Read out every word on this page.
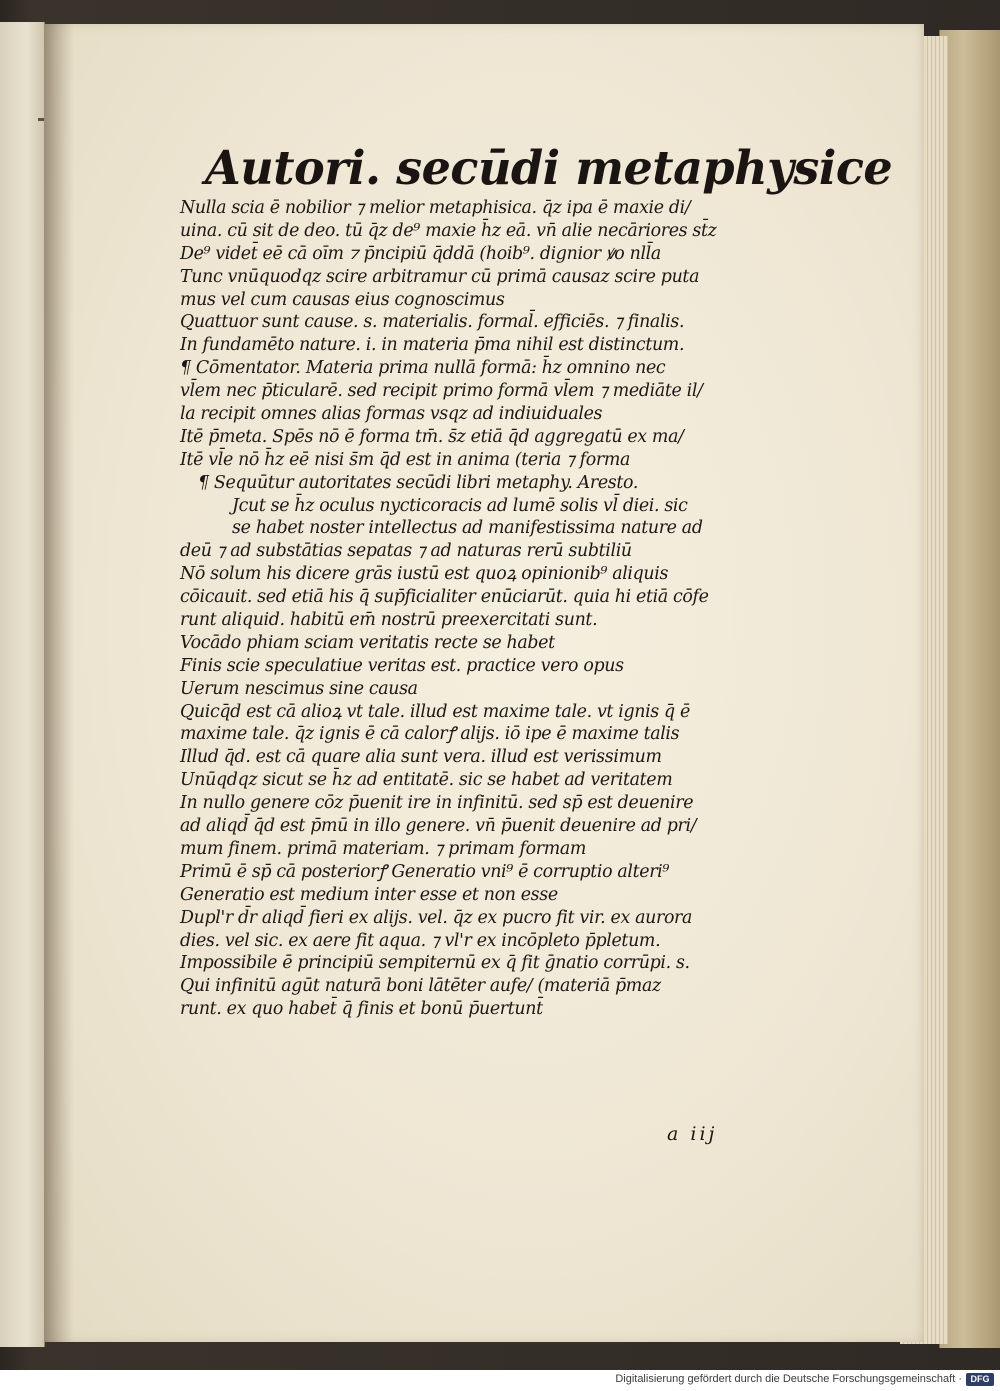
Autori. secūdi metaphysice
Nulla scia ē nobilior ⁊ melior metaphisica. q̄z ipa ē maxie di/
uina. cū sit de deo. tū q̄z de⁹ maxie h̄z eā. vn̄ alie necāriores st̄z
De⁹ videt̄ eē cā oīm ⁊ p̄ncipiū q̄ddā (hoib⁹. dignior ꝟo nll̄a
Tunc vnūquodqz scire arbitramur cū primā causaz scire puta
mus vel cum causas eius cognoscimus
Quattuor sunt cause. s. materialis. formal̄. efficiēs. ⁊ finalis.
In fundamēto nature. i. in materia p̄ma nihil est distinctum.
¶ Cōmentator. Materia prima nullā formā: h̄z omnino nec
vl̄em nec p̄ticularē. sed recipit primo formā vl̄em ⁊ mediāte il/
la recipit omnes alias formas vsqz ad indiuiduales
Itē p̄meta. Spēs nō ē forma tm̄. s̄z etiā q̄d aggregatū ex ma/
Itē vl̄e nō h̄z eē nisi s̄m q̄d est in anima (teria ⁊ forma
¶ Sequūtur autoritates secūdi libri metaphy. Aresto.
Jcut se h̄z oculus nycticoracis ad lumē solis vl̄ diei. sic
se habet noster intellectus ad manifestissima nature ad
deū ⁊ ad substātias sepatas ⁊ ad naturas rerū subtiliū
Nō solum his dicere grās iustū est quoꝝ opinionib⁹ aliquis
cōicauit. sed etiā his q̄ sup̄ficialiter enūciarūt. quia hi etiā cōfe
runt aliquid. habitū em̄ nostrū preexercitati sunt.
Vocādo phiam sciam veritatis recte se habet
Finis scie speculatiue veritas est. practice vero opus
Uerum nescimus sine causa
Quicq̄d est cā alioꝝ vt tale. illud est maxime tale. vt ignis q̄ ē
maxime tale. q̄z ignis ē cā calorꝭ alijs. iō ipe ē maxime talis
Illud q̄d. est cā quare alia sunt vera. illud est verissimum
Unūqdqz sicut se h̄z ad entitatē. sic se habet ad veritatem
In nullo genere cōz p̄uenit ire in infinitū. sed sp̄ est deuenire
ad aliqd̄ q̄d est p̄mū in illo genere. vn̄ p̄uenit deuenire ad pri/
mum finem. primā materiam. ⁊ primam formam
Primū ē sp̄ cā posteriorꝭ Generatio vni⁹ ē corruptio alteri⁹
Generatio est medium inter esse et non esse
Dupl'r d̄r aliqd̄ fieri ex alijs. vel. q̄z ex pucro fit vir. ex aurora
dies. vel sic. ex aere fit aqua. ⁊ vl'r ex incōpleto p̄pletum.
Impossibile ē principiū sempiternū ex q̄ fit ḡnatio corrūpi. s.
Qui infinitū agūt naturā boni lātēter aufe/ (materiā p̄maz
runt. ex quo habet̄ q̄ finis et bonū p̄uertunt̄
a iij
Digitalisierung gefördert durch die Deutsche Forschungsgemeinschaft · DFG
